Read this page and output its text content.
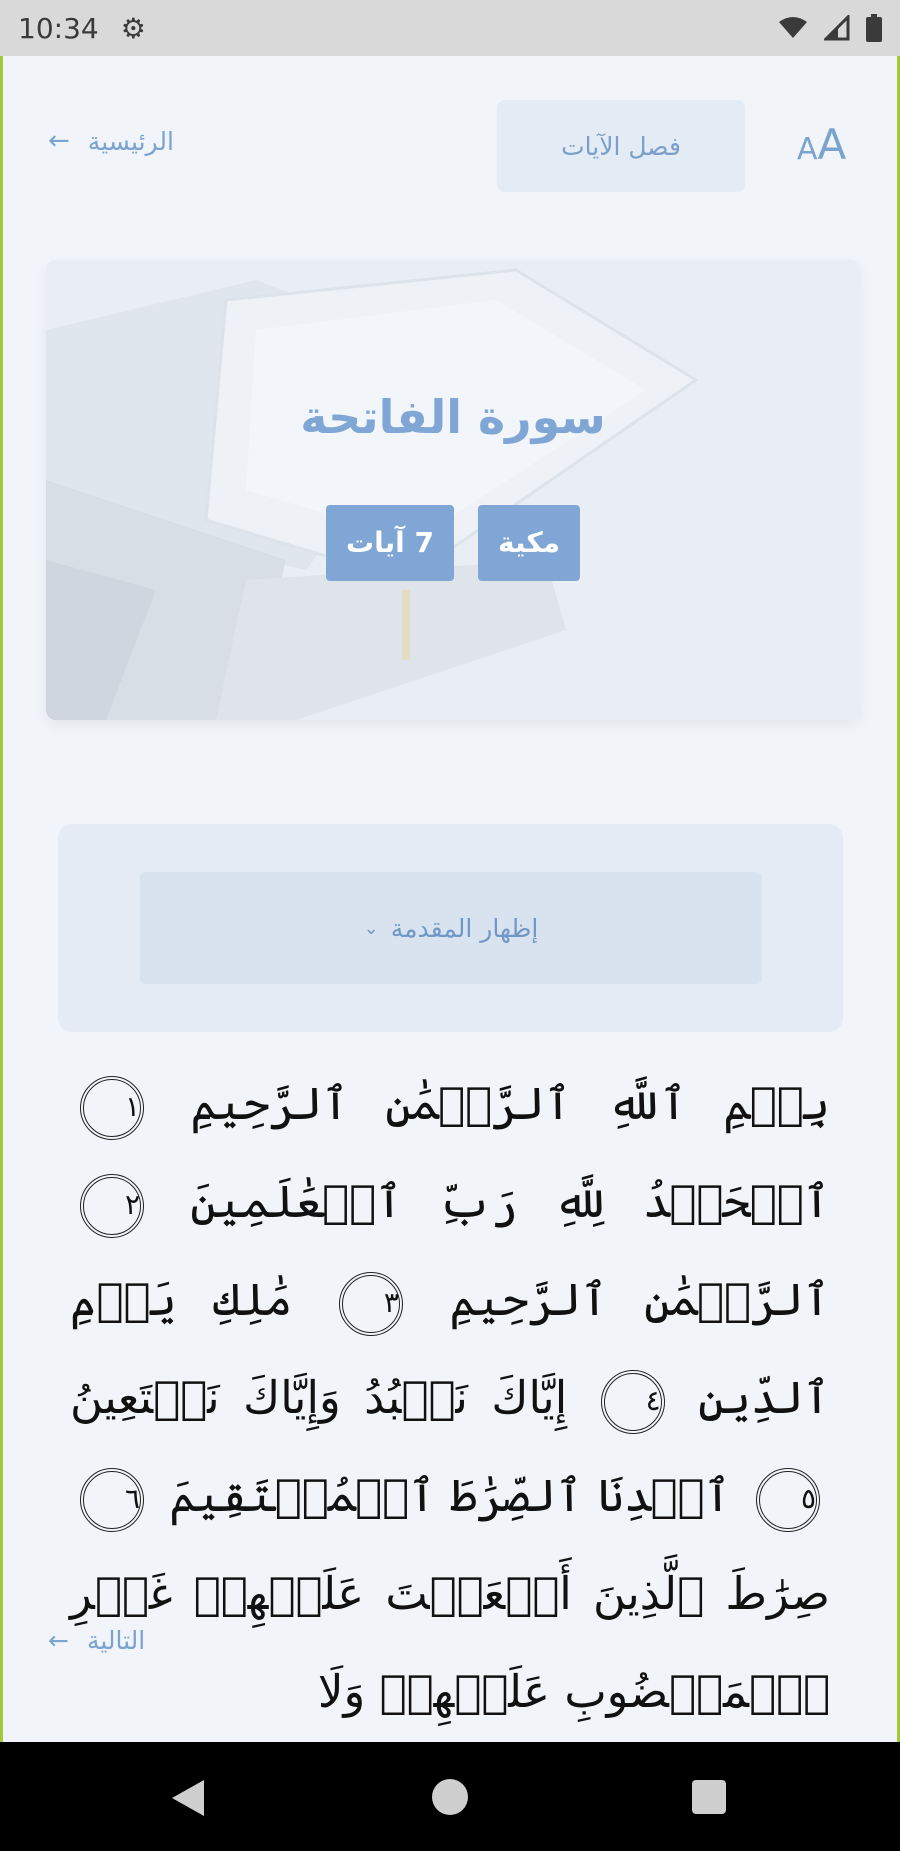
10:34 ⚙
← الرئيسية	فصل الآيات	AA
سورة الفاتحة
مكية
7 آيات
إظهار المقدمة
⌄
بِسۡمِ ٱللَّهِ ٱلرَّحۡمَٰنِ ٱلرَّحِيمِ ١ ٱلۡحَمۡدُ لِلَّهِ رَبِّ ٱلۡعَٰلَمِينَ ٢ ٱلرَّحۡمَٰنِ ٱلرَّحِيمِ ٣ مَٰلِكِ يَوۡمِ ٱلدِّينِ ٤ إِيَّاكَ نَعۡبُدُ وَإِيَّاكَ نَسۡتَعِينُ ٥ ٱهۡدِنَا ٱلصِّرَٰطَ ٱلۡمُسۡتَقِيمَ ٦ صِرَٰطَ ٱلَّذِينَ أَنۡعَمۡتَ عَلَيۡهِمۡ غَيۡرِ ٱلۡمَغۡضُوبِ عَلَيۡهِمۡ وَلَا
← التالية
